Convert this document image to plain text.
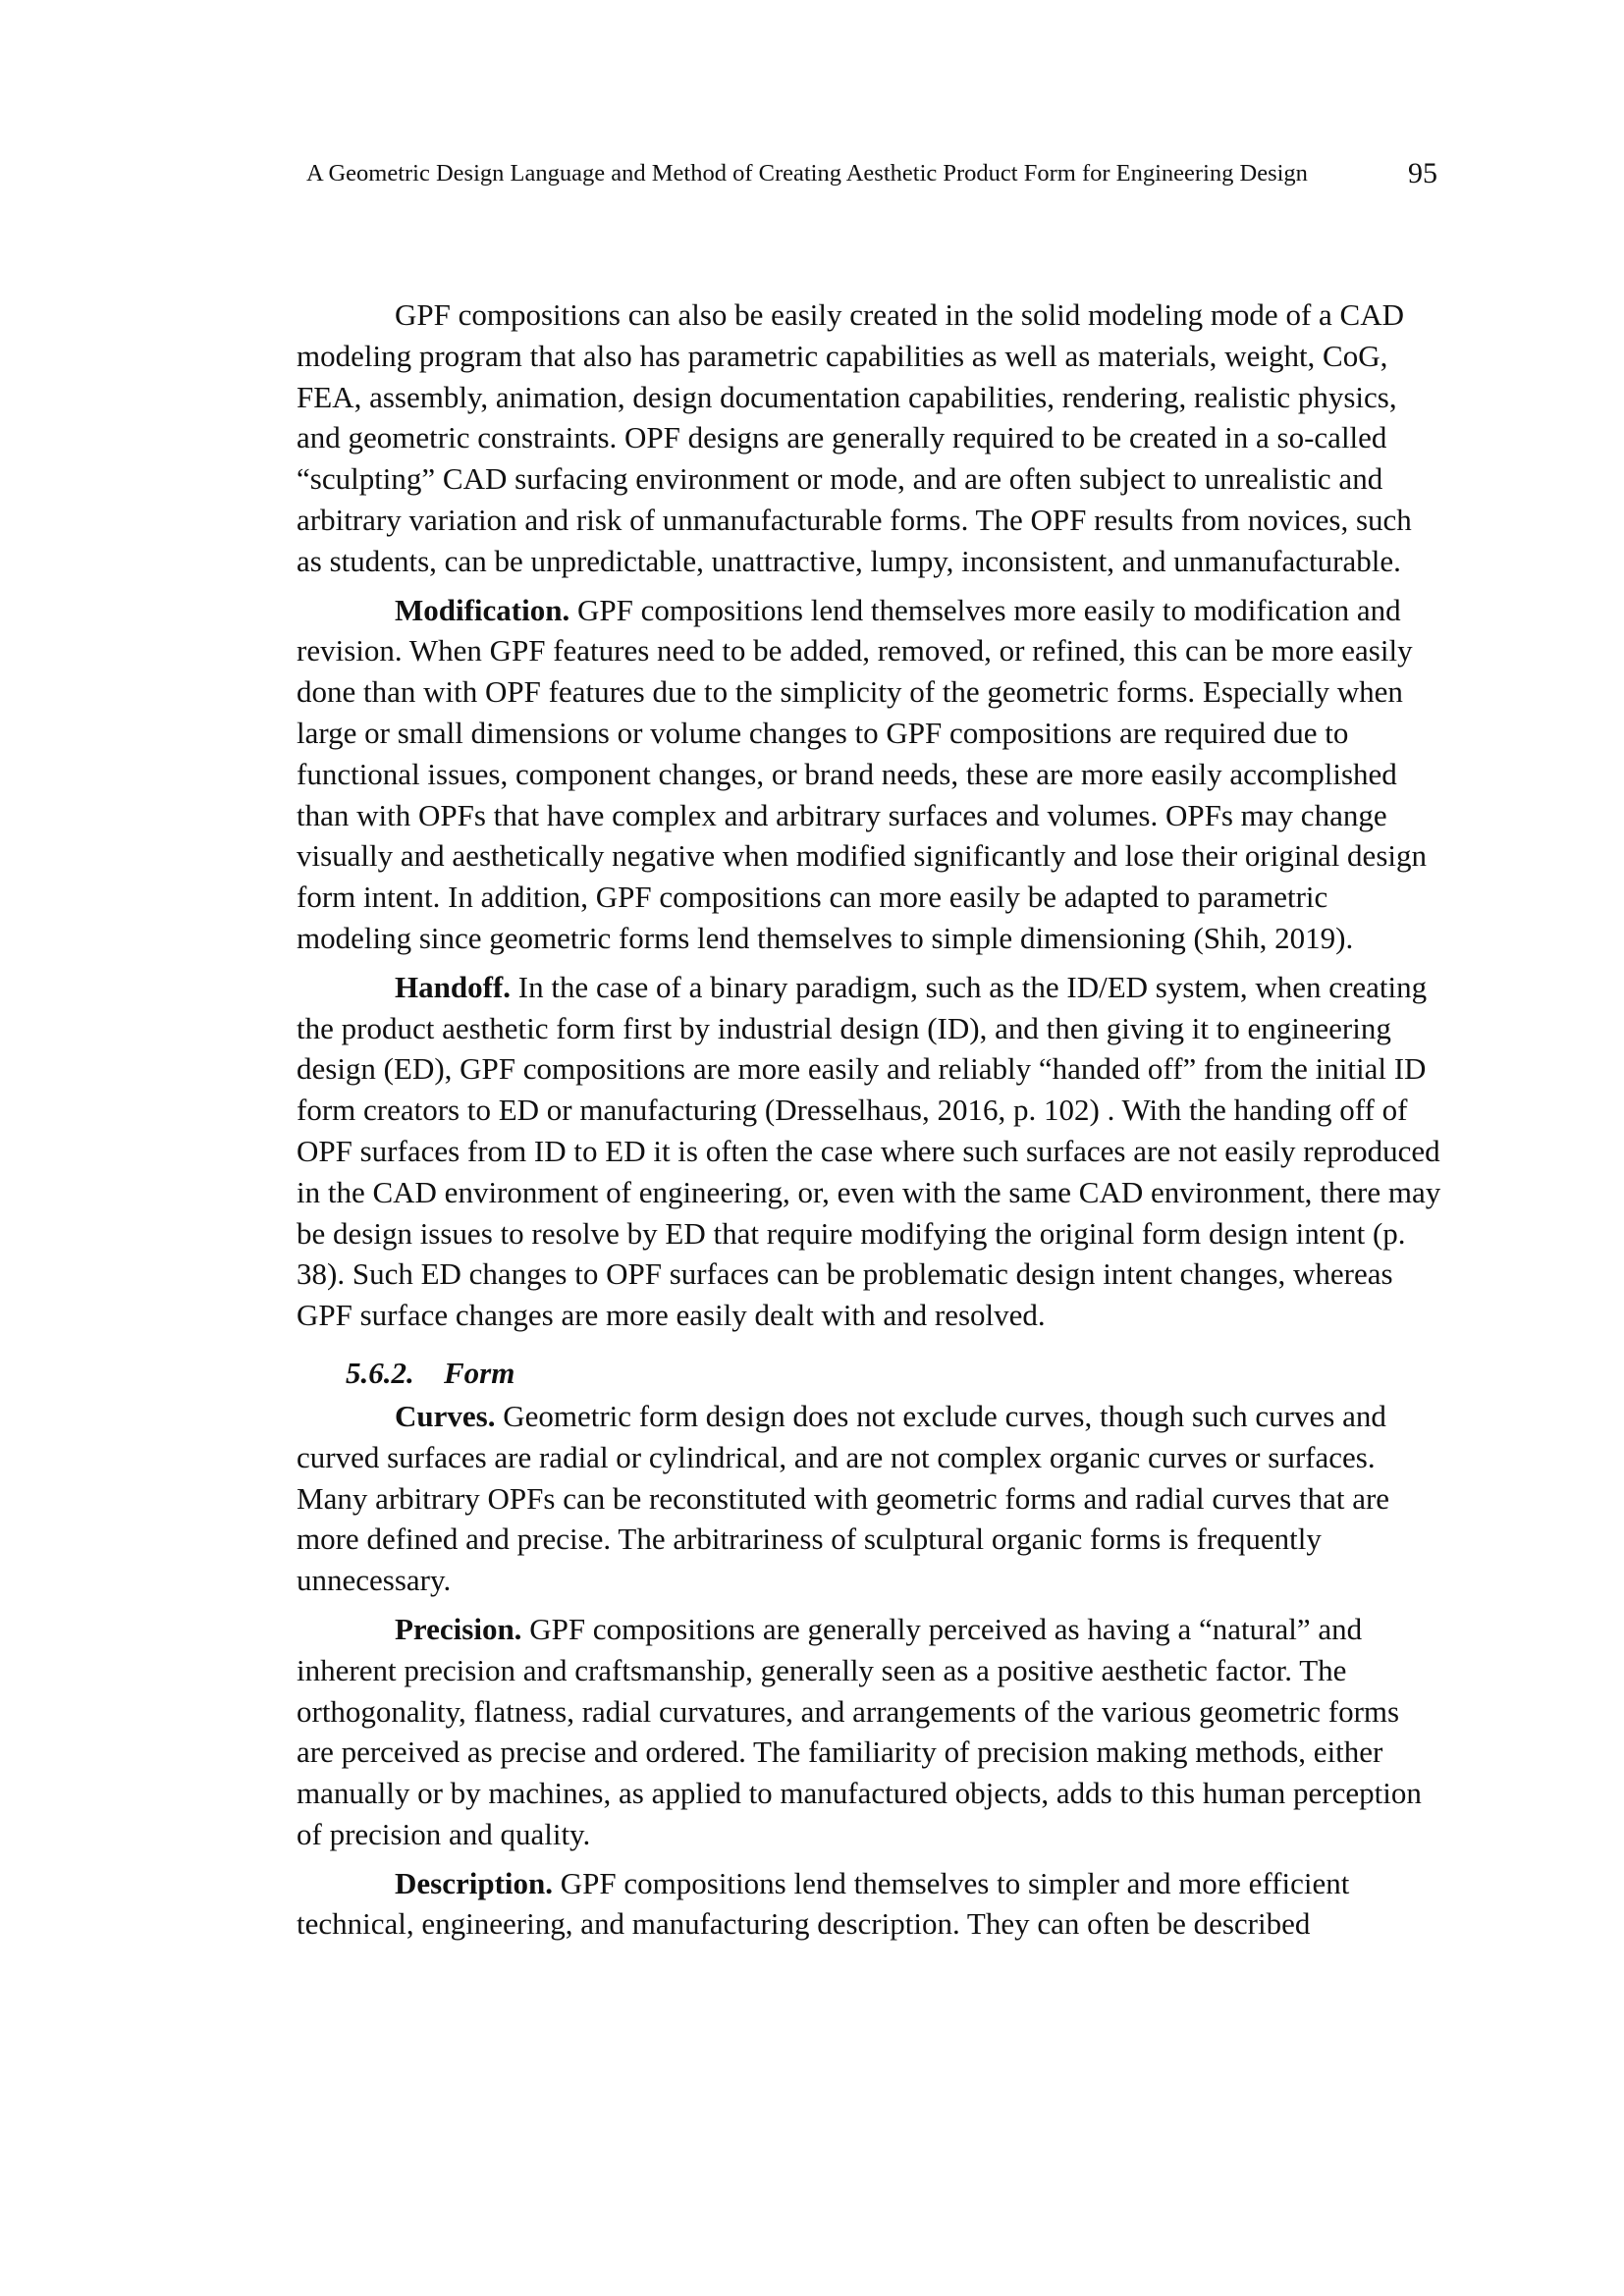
A Geometric Design Language and Method of Creating Aesthetic Product Form for Engineering Design	95

GPF compositions can also be easily created in the solid modeling mode of a CAD modeling program that also has parametric capabilities as well as materials, weight, CoG, FEA, assembly, animation, design documentation capabilities, rendering, realistic physics, and geometric constraints. OPF designs are generally required to be created in a so-called “sculpting” CAD surfacing environment or mode, and are often subject to unrealistic and arbitrary variation and risk of unmanufacturable forms. The OPF results from novices, such as students, can be unpredictable, unattractive, lumpy, inconsistent, and unmanufacturable.

Modification. GPF compositions lend themselves more easily to modification and revision. When GPF features need to be added, removed, or refined, this can be more easily done than with OPF features due to the simplicity of the geometric forms. Especially when large or small dimensions or volume changes to GPF compositions are required due to functional issues, component changes, or brand needs, these are more easily accomplished than with OPFs that have complex and arbitrary surfaces and volumes. OPFs may change visually and aesthetically negative when modified significantly and lose their original design form intent. In addition, GPF compositions can more easily be adapted to parametric modeling since geometric forms lend themselves to simple dimensioning (Shih, 2019).

Handoff. In the case of a binary paradigm, such as the ID/ED system, when creating the product aesthetic form first by industrial design (ID), and then giving it to engineering design (ED), GPF compositions are more easily and reliably “handed off” from the initial ID form creators to ED or manufacturing (Dresselhaus, 2016, p. 102) . With the handing off of OPF surfaces from ID to ED it is often the case where such surfaces are not easily reproduced in the CAD environment of engineering, or, even with the same CAD environment, there may be design issues to resolve by ED that require modifying the original form design intent (p. 38). Such ED changes to OPF surfaces can be problematic design intent changes, whereas GPF surface changes are more easily dealt with and resolved.

5.6.2. Form

Curves. Geometric form design does not exclude curves, though such curves and curved surfaces are radial or cylindrical, and are not complex organic curves or surfaces. Many arbitrary OPFs can be reconstituted with geometric forms and radial curves that are more defined and precise. The arbitrariness of sculptural organic forms is frequently unnecessary.

Precision. GPF compositions are generally perceived as having a “natural” and inherent precision and craftsmanship, generally seen as a positive aesthetic factor. The orthogonality, flatness, radial curvatures, and arrangements of the various geometric forms are perceived as precise and ordered. The familiarity of precision making methods, either manually or by machines, as applied to manufactured objects, adds to this human perception of precision and quality.

Description. GPF compositions lend themselves to simpler and more efficient technical, engineering, and manufacturing description. They can often be described
